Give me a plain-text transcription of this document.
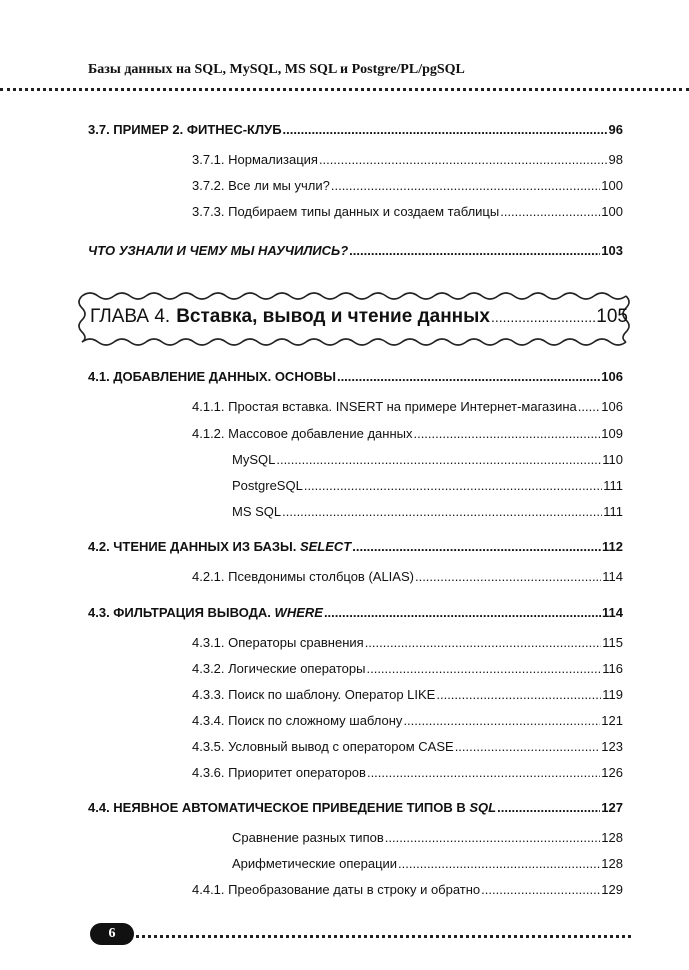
Базы данных на SQL, MySQL, MS SQL и Postgre/PL/pgSQL
3.7. ПРИМЕР 2. ФИТНЕС-КЛУБ .....	96
3.7.1. Нормализация .....	98
3.7.2. Все ли мы учли? .....	100
3.7.3. Подбираем типы данных и создаем таблицы .....	100
ЧТО УЗНАЛИ И ЧЕМУ МЫ НАУЧИЛИСЬ? .....	103
ГЛАВА 4. Вставка, вывод и чтение данных .....	105
4.1. ДОБАВЛЕНИЕ ДАННЫХ. ОСНОВЫ .....	106
4.1.1. Простая вставка. INSERT на примере Интернет-магазина ..... 106
4.1.2. Массовое добавление данных .....	109
MySQL .....	110
PostgreSQL .....	111
MS SQL .....	111
4.2. ЧТЕНИЕ ДАННЫХ ИЗ БАЗЫ. SELECT .....	112
4.2.1. Псевдонимы столбцов (ALIAS) .....	114
4.3. ФИЛЬТРАЦИЯ ВЫВОДА. WHERE .....	114
4.3.1. Операторы сравнения .....	115
4.3.2. Логические операторы .....	116
4.3.3. Поиск по шаблону. Оператор LIKE .....	119
4.3.4. Поиск по сложному шаблону .....	121
4.3.5. Условный вывод с оператором CASE .....	123
4.3.6. Приоритет операторов .....	126
4.4. НЕЯВНОЕ АВТОМАТИЧЕСКОЕ ПРИВЕДЕНИЕ ТИПОВ В SQL .....	127
Сравнение разных типов .....	128
Арифметические операции .....	128
4.4.1. Преобразование даты в строку и обратно .....	129
6
